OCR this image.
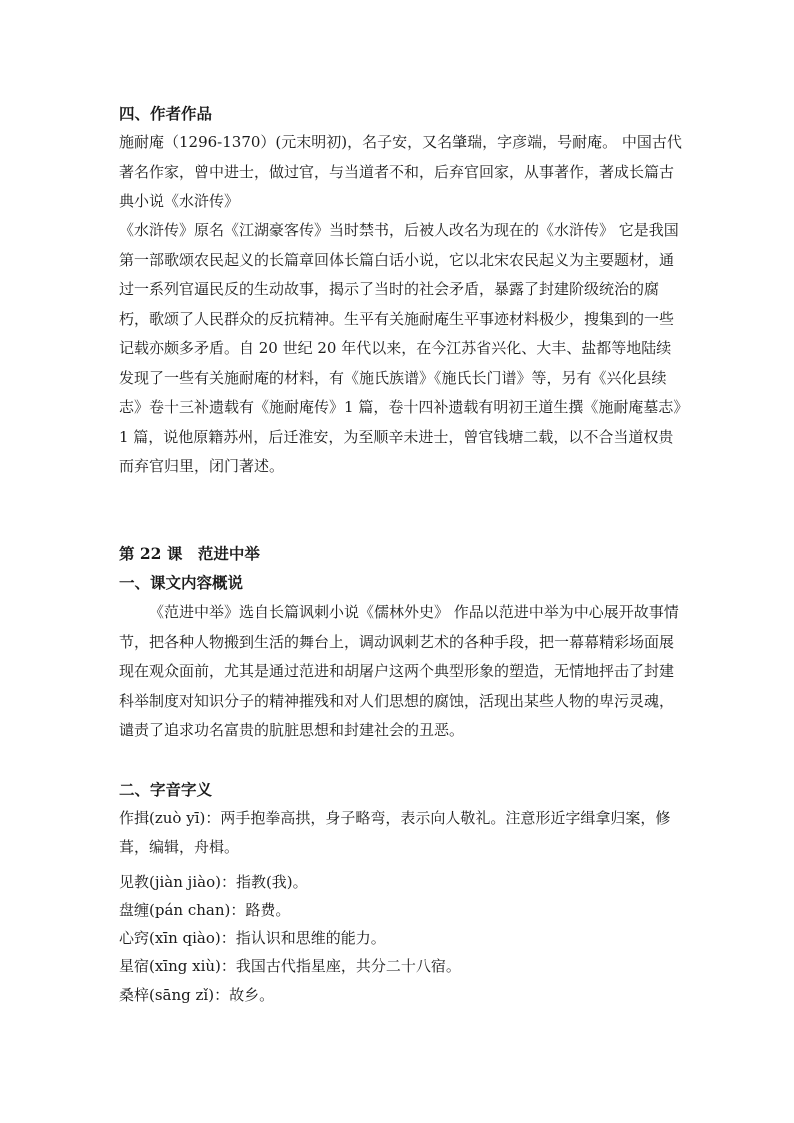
四、作者作品

施耐庵（1296-1370）(元末明初)，名子安，又名肇瑞，字彦端，号耐庵。 中国古代著名作家，曾中进士，做过官，与当道者不和，后弃官回家，从事著作，著成长篇古典小说《水浒传》

《水浒传》原名《江湖豪客传》当时禁书，后被人改名为现在的《水浒传》 它是我国第一部歌颂农民起义的长篇章回体长篇白话小说，它以北宋农民起义为主要题材，通过一系列官逼民反的生动故事，揭示了当时的社会矛盾，暴露了封建阶级统治的腐朽，歌颂了人民群众的反抗精神。生平有关施耐庵生平事迹材料极少，搜集到的一些记载亦颇多矛盾。自 20 世纪 20 年代以来，在今江苏省兴化、大丰、盐都等地陆续发现了一些有关施耐庵的材料，有《施氏族谱》《施氏长门谱》等，另有《兴化县续志》卷十三补遗载有《施耐庵传》1 篇，卷十四补遗载有明初王道生撰《施耐庵墓志》1 篇，说他原籍苏州，后迁淮安，为至顺辛未进士，曾官钱塘二载，以不合当道权贵而弃官归里，闭门著述。

第 22 课　范进中举
一、课文内容概说

《范进中举》选自长篇讽刺小说《儒林外史》 作品以范进中举为中心展开故事情节，把各种人物搬到生活的舞台上，调动讽刺艺术的各种手段，把一幕幕精彩场面展现在观众面前，尤其是通过范进和胡屠户这两个典型形象的塑造，无情地抨击了封建科举制度对知识分子的精神摧残和对人们思想的腐蚀，活现出某些人物的卑污灵魂，谴责了追求功名富贵的肮脏思想和封建社会的丑恶。

二、字音字义

作揖(zuò yī)：两手抱拳高拱，身子略弯，表示向人敬礼。注意形近字缉拿归案，修葺，编辑，舟楫。

见教(jiàn jiào)：指教(我)。
盘缠(pán chan)：路费。
心窍(xīn qiào)：指认识和思维的能力。
星宿(xīng xiù)：我国古代指星座，共分二十八宿。
桑梓(sāng zǐ)：故乡。
